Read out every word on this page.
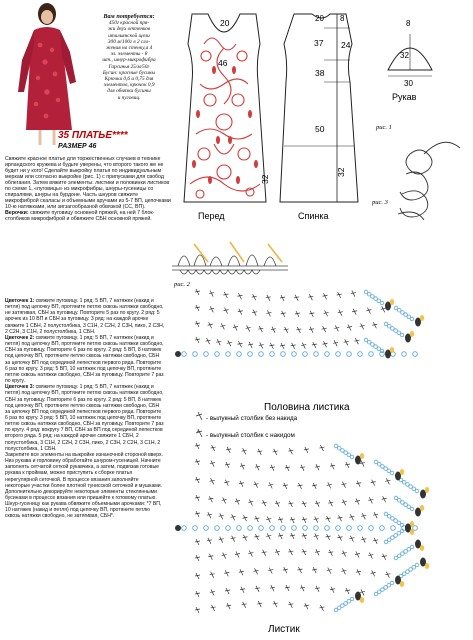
Вам потребуется:
450г красной пря-
жи двух оттенков
итальянской щели
300 м/100г в 2 сло-
жения на стенку,а 4
эл. элементы - 8
шт., шнур-микрофибра
Гарсинья 25/м/50г
Бусин: красные бусины
Крючки 0,6 и 0,75 для
элементов, крючок 0,9
для обвязки бусины
и пуговиц.
35 ПЛАТЬЕ****
РАЗМЕР 46

Свяжите красное платье для торжественных случаев в технике ирландского кружева и будьте уверены, что второго такого же не будет ни у кого! Сделайте выкройку платья по индивидуальным меркам или согласно выкройке (рис. 1) с припусками для свобод облегания. Затем вяжите элементы: листики и половинки листиков по схеме 1, «пуговицы» из микрофибры, шнуры-гусеницы со спиралями, шнуры на бурдоне. Часть шнуров свяжите микрофиброй скаласы и объемными аручами из 5-7 ВП, цепочками 10-ю натяжками, или зигзагообразной обвязкой (СС, ВП).

Верочки: свяжите пуговицу основной пряжей, на ней 7 блок-столбиков микрофиброй и обвяжите СБН основной пряжей.

Цветочек 1: свяжите пуговицу. 1 ряд: 5 ВП, 7 натяжек (накид и петля) под цепочку ВП, протяните петлю сквозь натяжки свободно, не затягивая, СБН за пуговицу. Повторите 5 раз по кругу. 2 ряд: 5 арочек из 10 ВП и СБН за пуговицу. 3 ряд: на каждой арочке свяжите 1 СБН, 2 полустолбика, 3 С1Н, 2 С2Н, 2 С3Н, пико, 2 С3Н, 2 С2Н, 3 С1Н, 2 полустолбика, 1 СБН.
Цветочек 2: свяжите пуговицу. 1 ряд: 5 ВП, 7 натяжек (накид и петля) под цепочку ВП, протяните петлю сквозь натяжки свободно, СБН за пуговицу. Повторите 6 раз по кругу. 2 ряд: 5 ВП, 8 натяжек под цепочку ВП, протяните петлю сквозь натяжки свободно, СБН за цепочку ВП под серединой лепестков первого ряда. Повторите 6 раз по кругу. 3 ряд: 5 ВП, 10 натяжек под цепочку ВП, протяните петлю сквозь натяжки свободно, СБН за пуговицу. Повторите 7 раз по кругу.
Цветочек 3: свяжите пуговицу. 1 ряд: 5 ВП, 7 натяжек (накид и петля) под цепочку ВП, протяните петлю сквозь натяжки свободно, СБН за пуговицу. Повторите 6 раз по кругу. 2 ряд: 5 ВП, 8 натяжек под цепочку ВП, протяните петлю сквозь натяжки свободно, СБН за цепочку ВП под серединой лепестков первого ряда. Повторите 6 раз по кругу. 3 ряд: 5 ВП, 10 натяжек под цепочку ВП, протяните петлю сквозь натяжки свободно, СБН за пуговицу. Повторите 7 раз по кругу. 4 ряд: вокругу 7 ВП, СБН за ВП под серединой лепестков второго ряда. 5 ряд: на каждой арочке свяжите 1 СБН, 2 полустолбика, 3 С1Н, 2 С2Н, 2 С3Н, пико, 2 С3Н, 2 С2Н, 3 С1Н, 2 полустолбика, 1 СБН.
Закрепите все элементы на выкройке изнаночной стороной вверх. Низ рукава и горловину обработайте шнуром-гусеницей. Начните заполнять сетчатой сеткой рукавчика, а затем, подвязав готовые рукава к проймам, можно приступить к сборке платья нерегулярной сеточкой. В процессе вязания заполняйте некоторые участки более плотной тунисской сеточкой и мушками. Дополнительно декорируйте некоторые элементы стеклянными бусинами в процессе вязания или пришейте к готовому платью. Шнур-гусеницу как рукава обвяжите объемными арочками: *7 ВП, 10 натяжек (накид и петля) под цепочку ВП, протяните петлю сквозь натяжки свободно, не затягивая, СБН*.
20
46
Перед
20 8
37 24
38
50
32
32
Спинка
8
32
30
Рукав
рис. 1
рис. 3
рис. 2
Половина листика
- вылукный столбик без накида
- вылукный столбик с накидом
Листик
